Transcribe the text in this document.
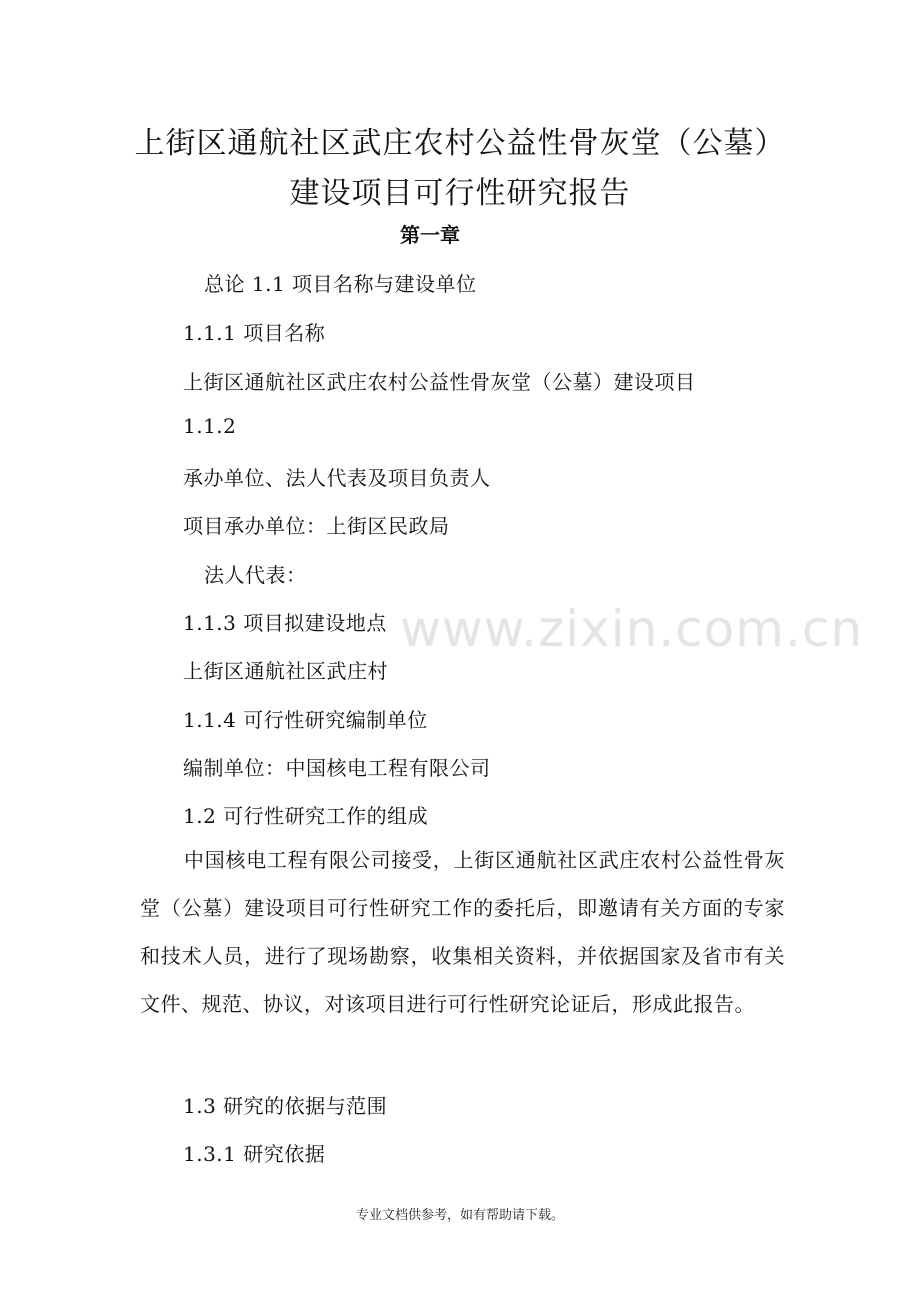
上街区通航社区武庄农村公益性骨灰堂（公墓）
建设项目可行性研究报告
第一章
总论 1.1 项目名称与建设单位
1.1.1 项目名称
上街区通航社区武庄农村公益性骨灰堂（公墓）建设项目
1.1.2
承办单位、法人代表及项目负责人
项目承办单位：上街区民政局
法人代表：
1.1.3 项目拟建设地点
上街区通航社区武庄村
1.1.4 可行性研究编制单位
编制单位：中国核电工程有限公司
1.2 可行性研究工作的组成
中国核电工程有限公司接受，上街区通航社区武庄农村公益性骨灰堂（公墓）建设项目可行性研究工作的委托后，即邀请有关方面的专家和技术人员，进行了现场勘察，收集相关资料，并依据国家及省市有关文件、规范、协议，对该项目进行可行性研究论证后，形成此报告。
1.3 研究的依据与范围
1.3.1 研究依据
www.zixin.com.cn
专业文档供参考，如有帮助请下载。
